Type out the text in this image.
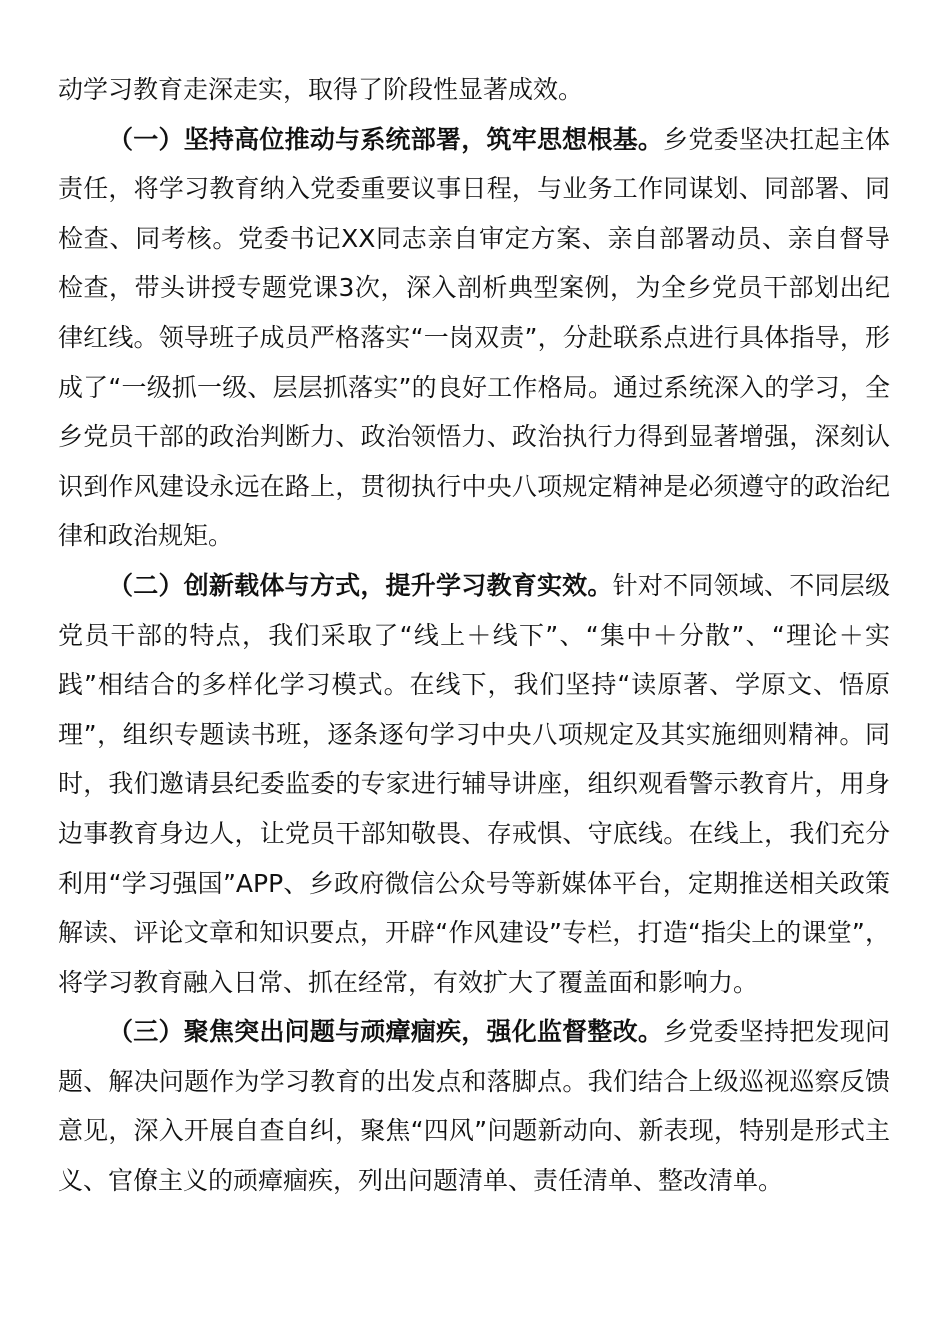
动学习教育走深走实，取得了阶段性显著成效。

（一）坚持高位推动与系统部署，筑牢思想根基。乡党委坚决扛起主体责任，将学习教育纳入党委重要议事日程，与业务工作同谋划、同部署、同检查、同考核。党委书记XX同志亲自审定方案、亲自部署动员、亲自督导检查，带头讲授专题党课3次，深入剖析典型案例，为全乡党员干部划出纪律红线。领导班子成员严格落实“一岗双责”，分赴联系点进行具体指导，形成了“一级抓一级、层层抓落实”的良好工作格局。通过系统深入的学习，全乡党员干部的政治判断力、政治领悟力、政治执行力得到显著增强，深刻认识到作风建设永远在路上，贯彻执行中央八项规定精神是必须遵守的政治纪律和政治规矩。

（二）创新载体与方式，提升学习教育实效。针对不同领域、不同层级党员干部的特点，我们采取了“线上＋线下”、“集中＋分散”、“理论＋实践”相结合的多样化学习模式。在线下，我们坚持“读原著、学原文、悟原理”，组织专题读书班，逐条逐句学习中央八项规定及其实施细则精神。同时，我们邀请县纪委监委的专家进行辅导讲座，组织观看警示教育片，用身边事教育身边人，让党员干部知敬畏、存戒惧、守底线。在线上，我们充分利用“学习强国”APP、乡政府微信公众号等新媒体平台，定期推送相关政策解读、评论文章和知识要点，开辟“作风建设”专栏，打造“指尖上的课堂”，将学习教育融入日常、抓在经常，有效扩大了覆盖面和影响力。

（三）聚焦突出问题与顽瘴痼疾，强化监督整改。乡党委坚持把发现问题、解决问题作为学习教育的出发点和落脚点。我们结合上级巡视巡察反馈意见，深入开展自查自纠，聚焦“四风”问题新动向、新表现，特别是形式主义、官僚主义的顽瘴痼疾，列出问题清单、责任清单、整改清单。
